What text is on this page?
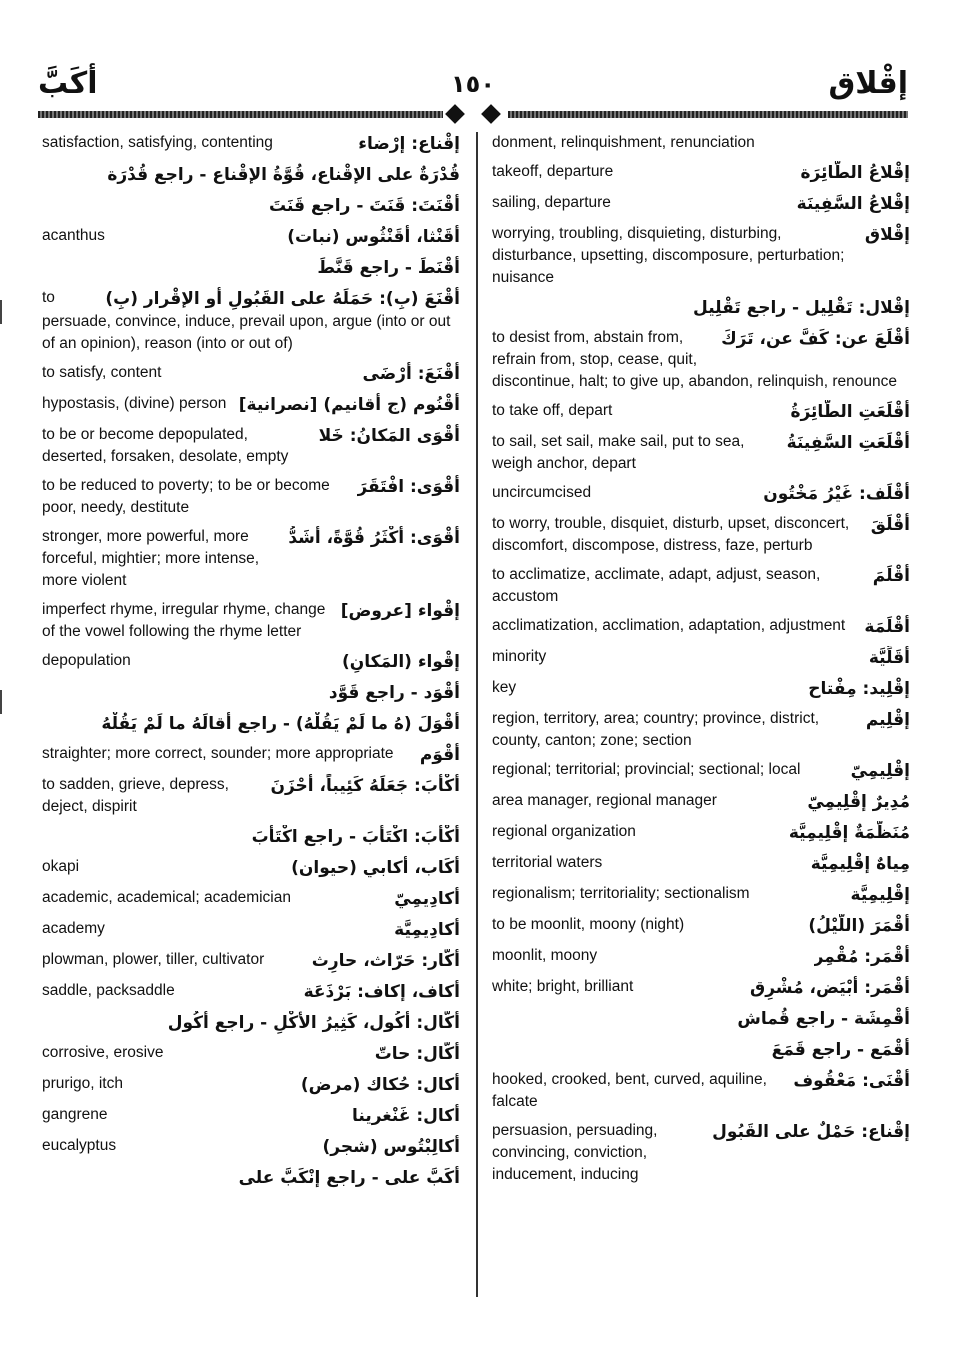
أكَبَّ	١٥٠	إقْلاق
إقْناع: إرْضاء
satisfaction, satisfying, contenting
قُدْرَةٌ على الإقْناع، قُوَّةُ الإقْناع - راجع قُدْرَة
أقْنَتَ: قَنَتَ - راجع قَنَتَ
أقَنْثا، أقَنْثُوس (نبات)
acanthus
أقْنَطَ - راجع قَنَّطَ
أقْنَعَ (بِ): حَمَلَهُ على القَبُولِ أو الإقْرار (بِ)
to persuade, convince, induce, prevail upon, argue (into or out of an opinion), reason (into or out of)
أقْنَعَ: أرْضَى
to satisfy, content
أُقْنُوم (ج أقانيم) [نصرانية]
hypostasis, (divine) person
أقْوَى المَكانُ: خَلا
to be or become depopulated, deserted, forsaken, desolate, empty
أقْوَى: افْتَقَرَ
to be reduced to poverty; to be or become poor, needy, destitute
أقْوَى: أكْثَرُ قُوَّةً، أشَدُّ
stronger, more powerful, more forceful, mightier; more intense, more violent
إقْواء [عروض]
imperfect rhyme, irregular rhyme, change of the vowel following the rhyme letter
إقْواء (المَكانِ)
depopulation
أقْوَد - راجع قَوَّد
أقْوَلَ (هُ ما لَمْ يَقُلْهُ) - راجع أقالَهُ ما لَمْ يَقُلْهُ
أقْوَم
straighter; more correct, sounder; more appropriate
أكْأبَ: جَعَلَهُ كَئِيباً، أحْزَنَ
to sadden, grieve, depress, deject, dispirit
أكْأبَ: اكْتَأبَ - راجع اكْتَأبَ
أكَاب، أكابي (حيوان)
okapi
أكادِيمِيّ
academic, academical; academician
أكادِيمِيَّة
academy
أكّار: حَرّاث، حارِث
plowman, plower, tiller, cultivator
أكاف، إكاف: بَرْذَعَة
saddle, packsaddle
أكّال: أكُول، كَثِيرُ الأكْلِ - راجع أكُول
أكّال: حاتّ
corrosive, erosive
أكال: حُكاك (مرض)
prurigo, itch
أكال: غَنْغرينا
gangrene
أكالِبْتُوس (شجر)
eucalyptus
أكَبَّ على - راجع إنْكَبَّ على
donment, relinquishment, renunciation
إقْلاعُ الطّائِرَة
takeoff, departure
إقْلاعُ السَّفِينَة
sailing, departure
إقْلاق
worrying, troubling, disquieting, disturbing, disturbance, upsetting, discomposure, perturbation; nuisance
إقْلال: تَقْلِيل - راجع تَقْلِيل
أقْلَعَ عن: كَفَّ عن، تَرَكَ
to desist from, abstain from, refrain from, stop, cease, quit, discontinue, halt; to give up, abandon, relinquish, renounce
أقْلَعَتِ الطّائِرَةُ
to take off, depart
أقْلَعَتِ السَّفِينَةُ
to sail, set sail, make sail, put to sea, weigh anchor, depart
أقْلَف: غَيْرُ مَخْتُون
uncircumcised
أقْلَقَ
to worry, trouble, disquiet, disturb, upset, disconcert, discomfort, discompose, distress, faze, perturb
أقْلَمَ
to acclimatize, acclimate, adapt, adjust, season, accustom
أقْلَمَة
acclimatization, acclimation, adaptation, adjustment
أقَلِّيَّة
minority
إقْلِيد: مِفْتاح
key
إقْلِيم
region, territory, area; country; province, district, county, canton; zone; section
إقْلِيمِيّ
regional; territorial; provincial; sectional; local
مُدِيرٌ إقْلِيمِيّ
area manager, regional manager
مُنَظَّمَةٌ إقْلِيمِيَّة
regional organization
مِياهٌ إقْلِيمِيَّة
territorial waters
إقْلِيمِيَّة
regionalism; territoriality; sectionalism
أقْمَرَ (اللَّيْلُ)
to be moonlit, moony (night)
أقْمَر: مُقْمِر
moonlit, moony
أقْمَر: أبْيَض، مُشْرِق
white; bright, brilliant
أقْمِشَة - راجع قُماش
أقْمَع - راجع قَمَعَ
أقْنَى: مَعْقُوف
hooked, crooked, bent, curved, aquiline, falcate
إقْناع: حَمْلٌ على القَبُول
persuasion, persuading, convincing, conviction, inducement, inducing
